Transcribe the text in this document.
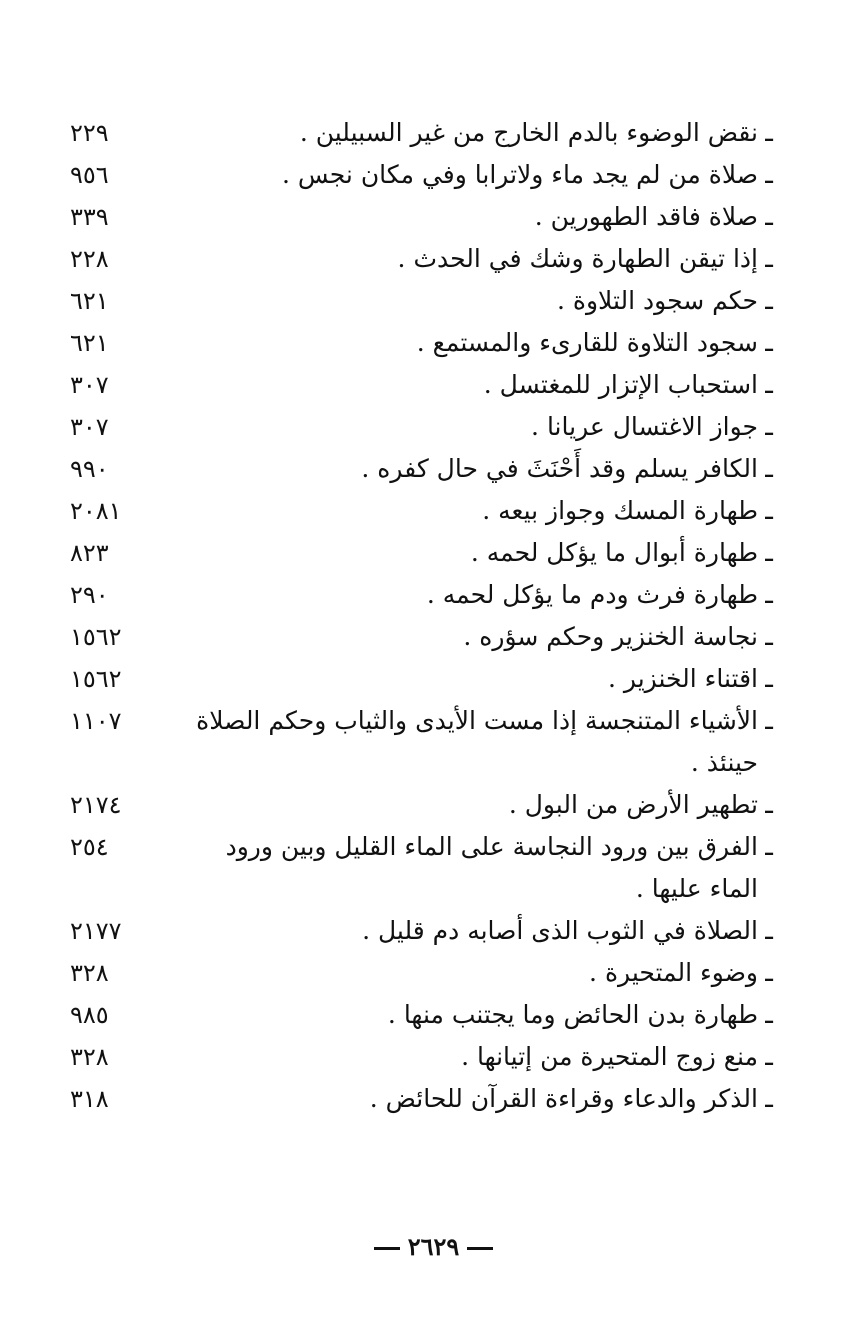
ـ
نقض الوضوء بالدم الخارج من غير السبيلين .
٢٢٩
ـ
صلاة من لم يجد ماء ولاترابا وفي مكان نجس .
٩٥٦
ـ
صلاة فاقد الطهورين .
٣٣٩
ـ
إذا تيقن الطهارة وشك في الحدث .
٢٢٨
ـ
حكم سجود التلاوة .
٦٢١
ـ
سجود التلاوة للقارىء والمستمع .
٦٢١
ـ
استحباب الإتزار للمغتسل .
٣٠٧
ـ
جواز الاغتسال عريانا .
٣٠٧
ـ
الكافر يسلم وقد أَحْنَثَ في حال كفره .
٩٩٠
ـ
طهارة المسك وجواز بيعه .
٢٠٨١
ـ
طهارة أبوال ما يؤكل لحمه .
٨٢٣
ـ
طهارة فرث ودم ما يؤكل لحمه .
٢٩٠
ـ
نجاسة الخنزير وحكم سؤره .
١٥٦٢
ـ
اقتناء الخنزير .
١٥٦٢
ـ
الأشياء المتنجسة إذا مست الأيدى والثياب وحكم الصلاة حينئذ .
١١٠٧
ـ
تطهير الأرض من البول .
٢١٧٤
ـ
الفرق بين ورود النجاسة على الماء القليل وبين ورود الماء عليها .
٢٥٤
ـ
الصلاة في الثوب الذى أصابه دم قليل .
٢١٧٧
ـ
وضوء المتحيرة .
٣٢٨
ـ
طهارة بدن الحائض وما يجتنب منها .
٩٨٥
ـ
منع زوج المتحيرة من إتيانها .
٣٢٨
ـ
الذكر والدعاء وقراءة القرآن للحائض .
٣١٨
٢٦٢٩
